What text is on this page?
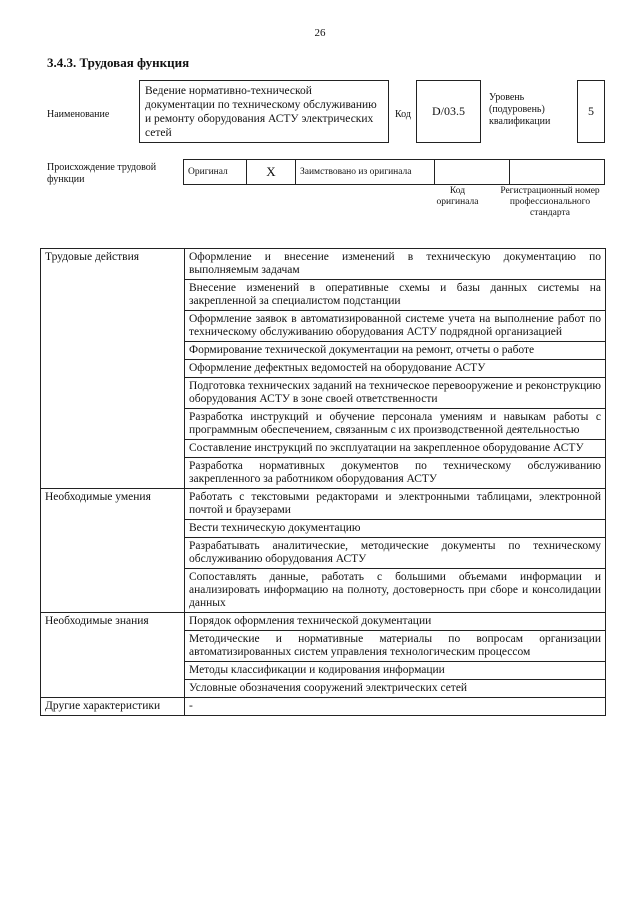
26
3.4.3. Трудовая функция
Наименование
Ведение нормативно-технической документации по техническому обслуживанию и ремонту оборудования АСТУ электрических сетей
Код	D/03.5
Уровень (подуровень) квалификации
5
Происхождение трудовой функции
Оригинал	X	Заимствовано из оригинала		
Код оригинала
Регистрационный номер профессионального стандарта
Трудовые действия	Оформление и внесение изменений в техническую документацию по выполняемым задачам
	Внесение изменений в оперативные схемы и базы данных системы на закрепленной за специалистом подстанции
	Оформление заявок в автоматизированной системе учета на выполнение работ по техническому обслуживанию оборудования АСТУ подрядной организацией
	Формирование технической документации на ремонт, отчеты о работе
	Оформление дефектных ведомостей на оборудование АСТУ
	Подготовка технических заданий на техническое перевооружение и реконструкцию оборудования АСТУ в зоне своей ответственности
	Разработка инструкций и обучение персонала умениям и навыкам работы с программным обеспечением, связанным с их производственной деятельностью
	Составление инструкций по эксплуатации на закрепленное оборудование АСТУ
	Разработка нормативных документов по техническому обслуживанию закрепленного за работником оборудования АСТУ
Необходимые умения	Работать с текстовыми редакторами и электронными таблицами, электронной почтой и браузерами
	Вести техническую документацию
	Разрабатывать аналитические, методические документы по техническому обслуживанию оборудования АСТУ
	Сопоставлять данные, работать с большими объемами информации и анализировать информацию на полноту, достоверность при сборе и консолидации данных
Необходимые знания	Порядок оформления технической документации
	Методические и нормативные материалы по вопросам организации автоматизированных систем управления технологическим процессом
	Методы классификации и кодирования информации
	Условные обозначения сооружений электрических сетей
Другие характеристики	-
